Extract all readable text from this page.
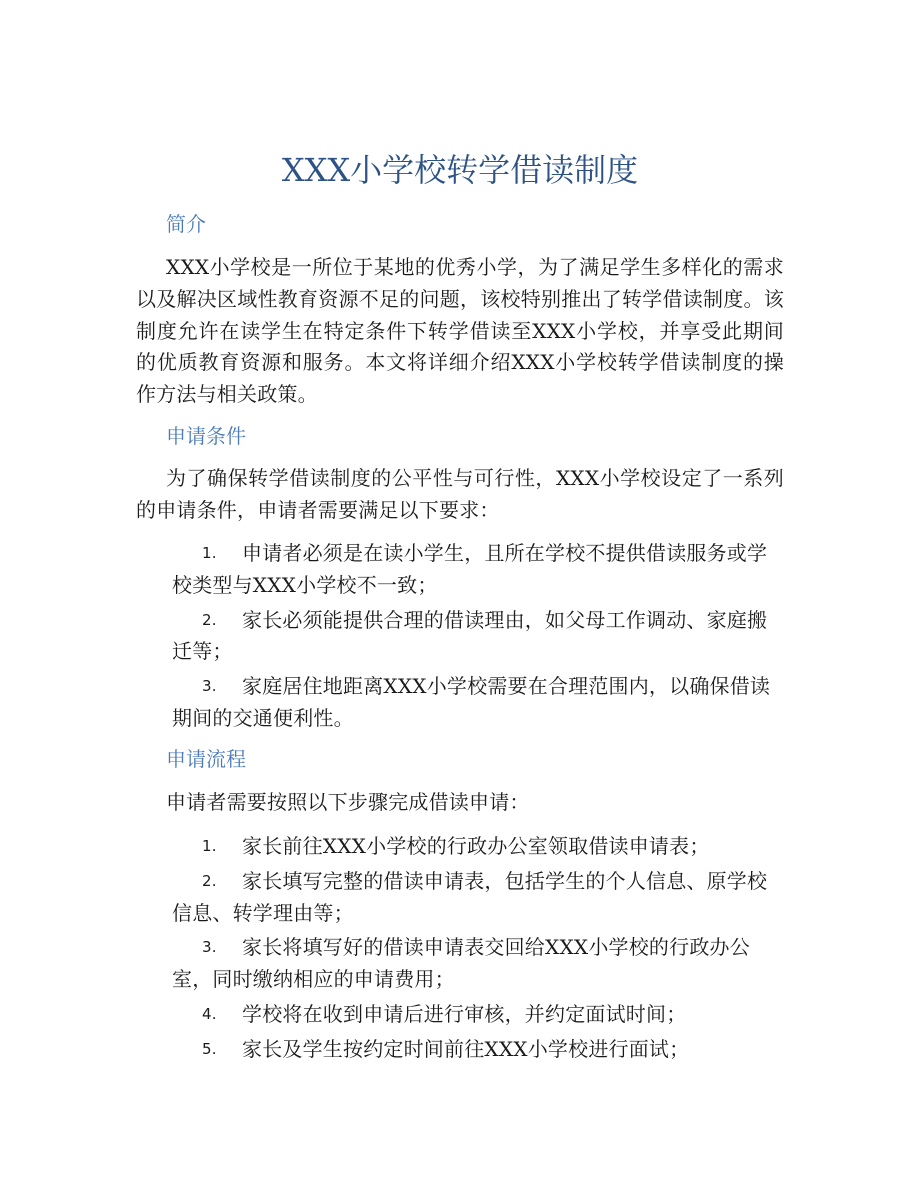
XXX小学校转学借读制度
简介
XXX小学校是一所位于某地的优秀小学，为了满足学生多样化的需求以及解决区域性教育资源不足的问题，该校特别推出了转学借读制度。该制度允许在读学生在特定条件下转学借读至XXX小学校，并享受此期间的优质教育资源和服务。本文将详细介绍XXX小学校转学借读制度的操作方法与相关政策。
申请条件
为了确保转学借读制度的公平性与可行性，XXX小学校设定了一系列的申请条件，申请者需要满足以下要求：
1. 申请者必须是在读小学生，且所在学校不提供借读服务或学校类型与XXX小学校不一致；
2. 家长必须能提供合理的借读理由，如父母工作调动、家庭搬迁等；
3. 家庭居住地距离XXX小学校需要在合理范围内，以确保借读期间的交通便利性。
申请流程
申请者需要按照以下步骤完成借读申请：
1. 家长前往XXX小学校的行政办公室领取借读申请表；
2. 家长填写完整的借读申请表，包括学生的个人信息、原学校信息、转学理由等；
3. 家长将填写好的借读申请表交回给XXX小学校的行政办公室，同时缴纳相应的申请费用；
4. 学校将在收到申请后进行审核，并约定面试时间；
5. 家长及学生按约定时间前往XXX小学校进行面试；
